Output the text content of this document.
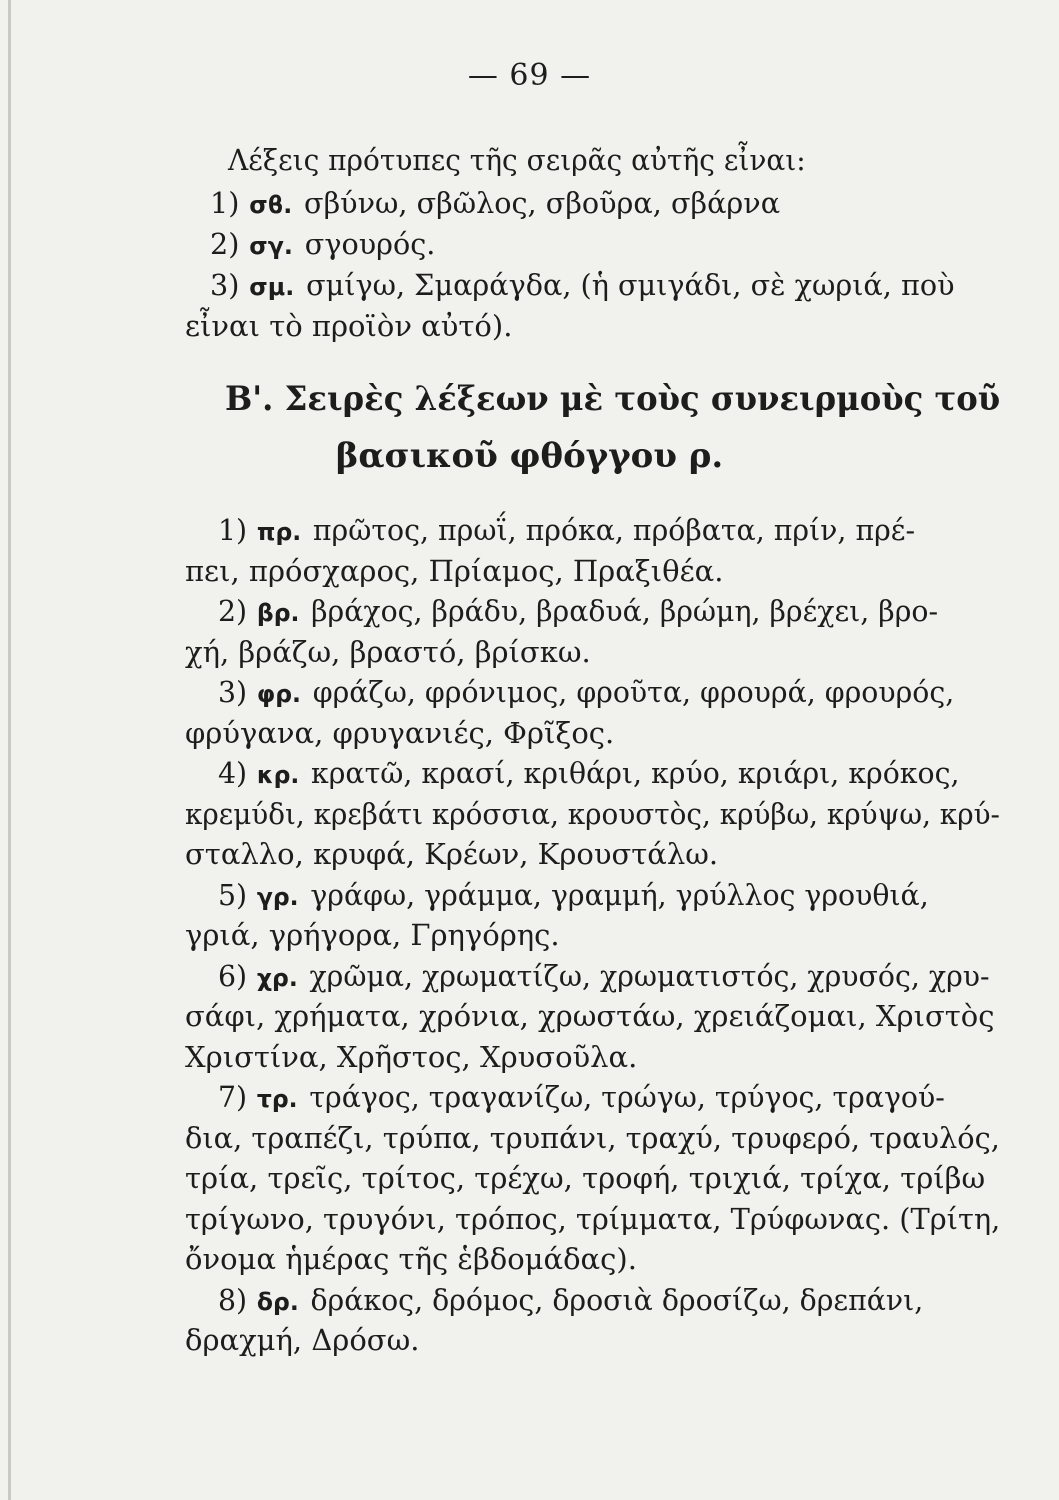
— 69 —
Λέξεις πρότυπες τῆς σειρᾶς αὐτῆς εἶναι:
1) σϐ. σβύνω, σβῶλος, σβοῦρα, σβάρνα
2) σγ. σγουρός.
3) σμ. σμίγω, Σμαράγδα, (ἡ σμιγάδι, σὲ χωριά, ποὺ
εἶναι τὸ προϊὸν αὐτό).
Β'. Σειρὲς λέξεων μὲ τοὺς συνειρμοὺς τοῦ
βασικοῦ φθόγγου ρ.
1) πρ. πρῶτος, πρωΐ, πρόκα, πρόβατα, πρίν, πρέ-
πει, πρόσχαρος, Πρίαμος, Πραξιθέα.
2) βρ. βράχος, βράδυ, βραδυά, βρώμη, βρέχει, βρο-
χή, βράζω, βραστό, βρίσκω.
3) φρ. φράζω, φρόνιμος, φροῦτα, φρουρά, φρουρός,
φρύγανα, φρυγανιές, Φρῖξος.
4) κρ. κρατῶ, κρασί, κριθάρι, κρύο, κριάρι, κρόκος,
κρεμύδι, κρεβάτι κρόσσια, κρουστὸς, κρύβω, κρύψω, κρύ-
σταλλο, κρυφά, Κρέων, Κρουστάλω.
5) γρ. γράφω, γράμμα, γραμμή, γρύλλος γρουθιά,
γριά, γρήγορα, Γρηγόρης.
6) χρ. χρῶμα, χρωματίζω, χρωματιστός, χρυσός, χρυ-
σάφι, χρήματα, χρόνια, χρωστάω, χρειάζομαι, Χριστὸς
Χριστίνα, Χρῆστος, Χρυσοῦλα.
7) τρ. τράγος, τραγανίζω, τρώγω, τρύγος, τραγού-
δια, τραπέζι, τρύπα, τρυπάνι, τραχύ, τρυφερό, τραυλός,
τρία, τρεῖς, τρίτος, τρέχω, τροφή, τριχιά, τρίχα, τρίβω
τρίγωνο, τρυγόνι, τρόπος, τρίμματα, Τρύφωνας. (Τρίτη,
ὄνομα ἡμέρας τῆς ἑβδομάδας).
8) δρ. δράκος, δρόμος, δροσιὰ δροσίζω, δρεπάνι,
δραχμή, Δρόσω.
